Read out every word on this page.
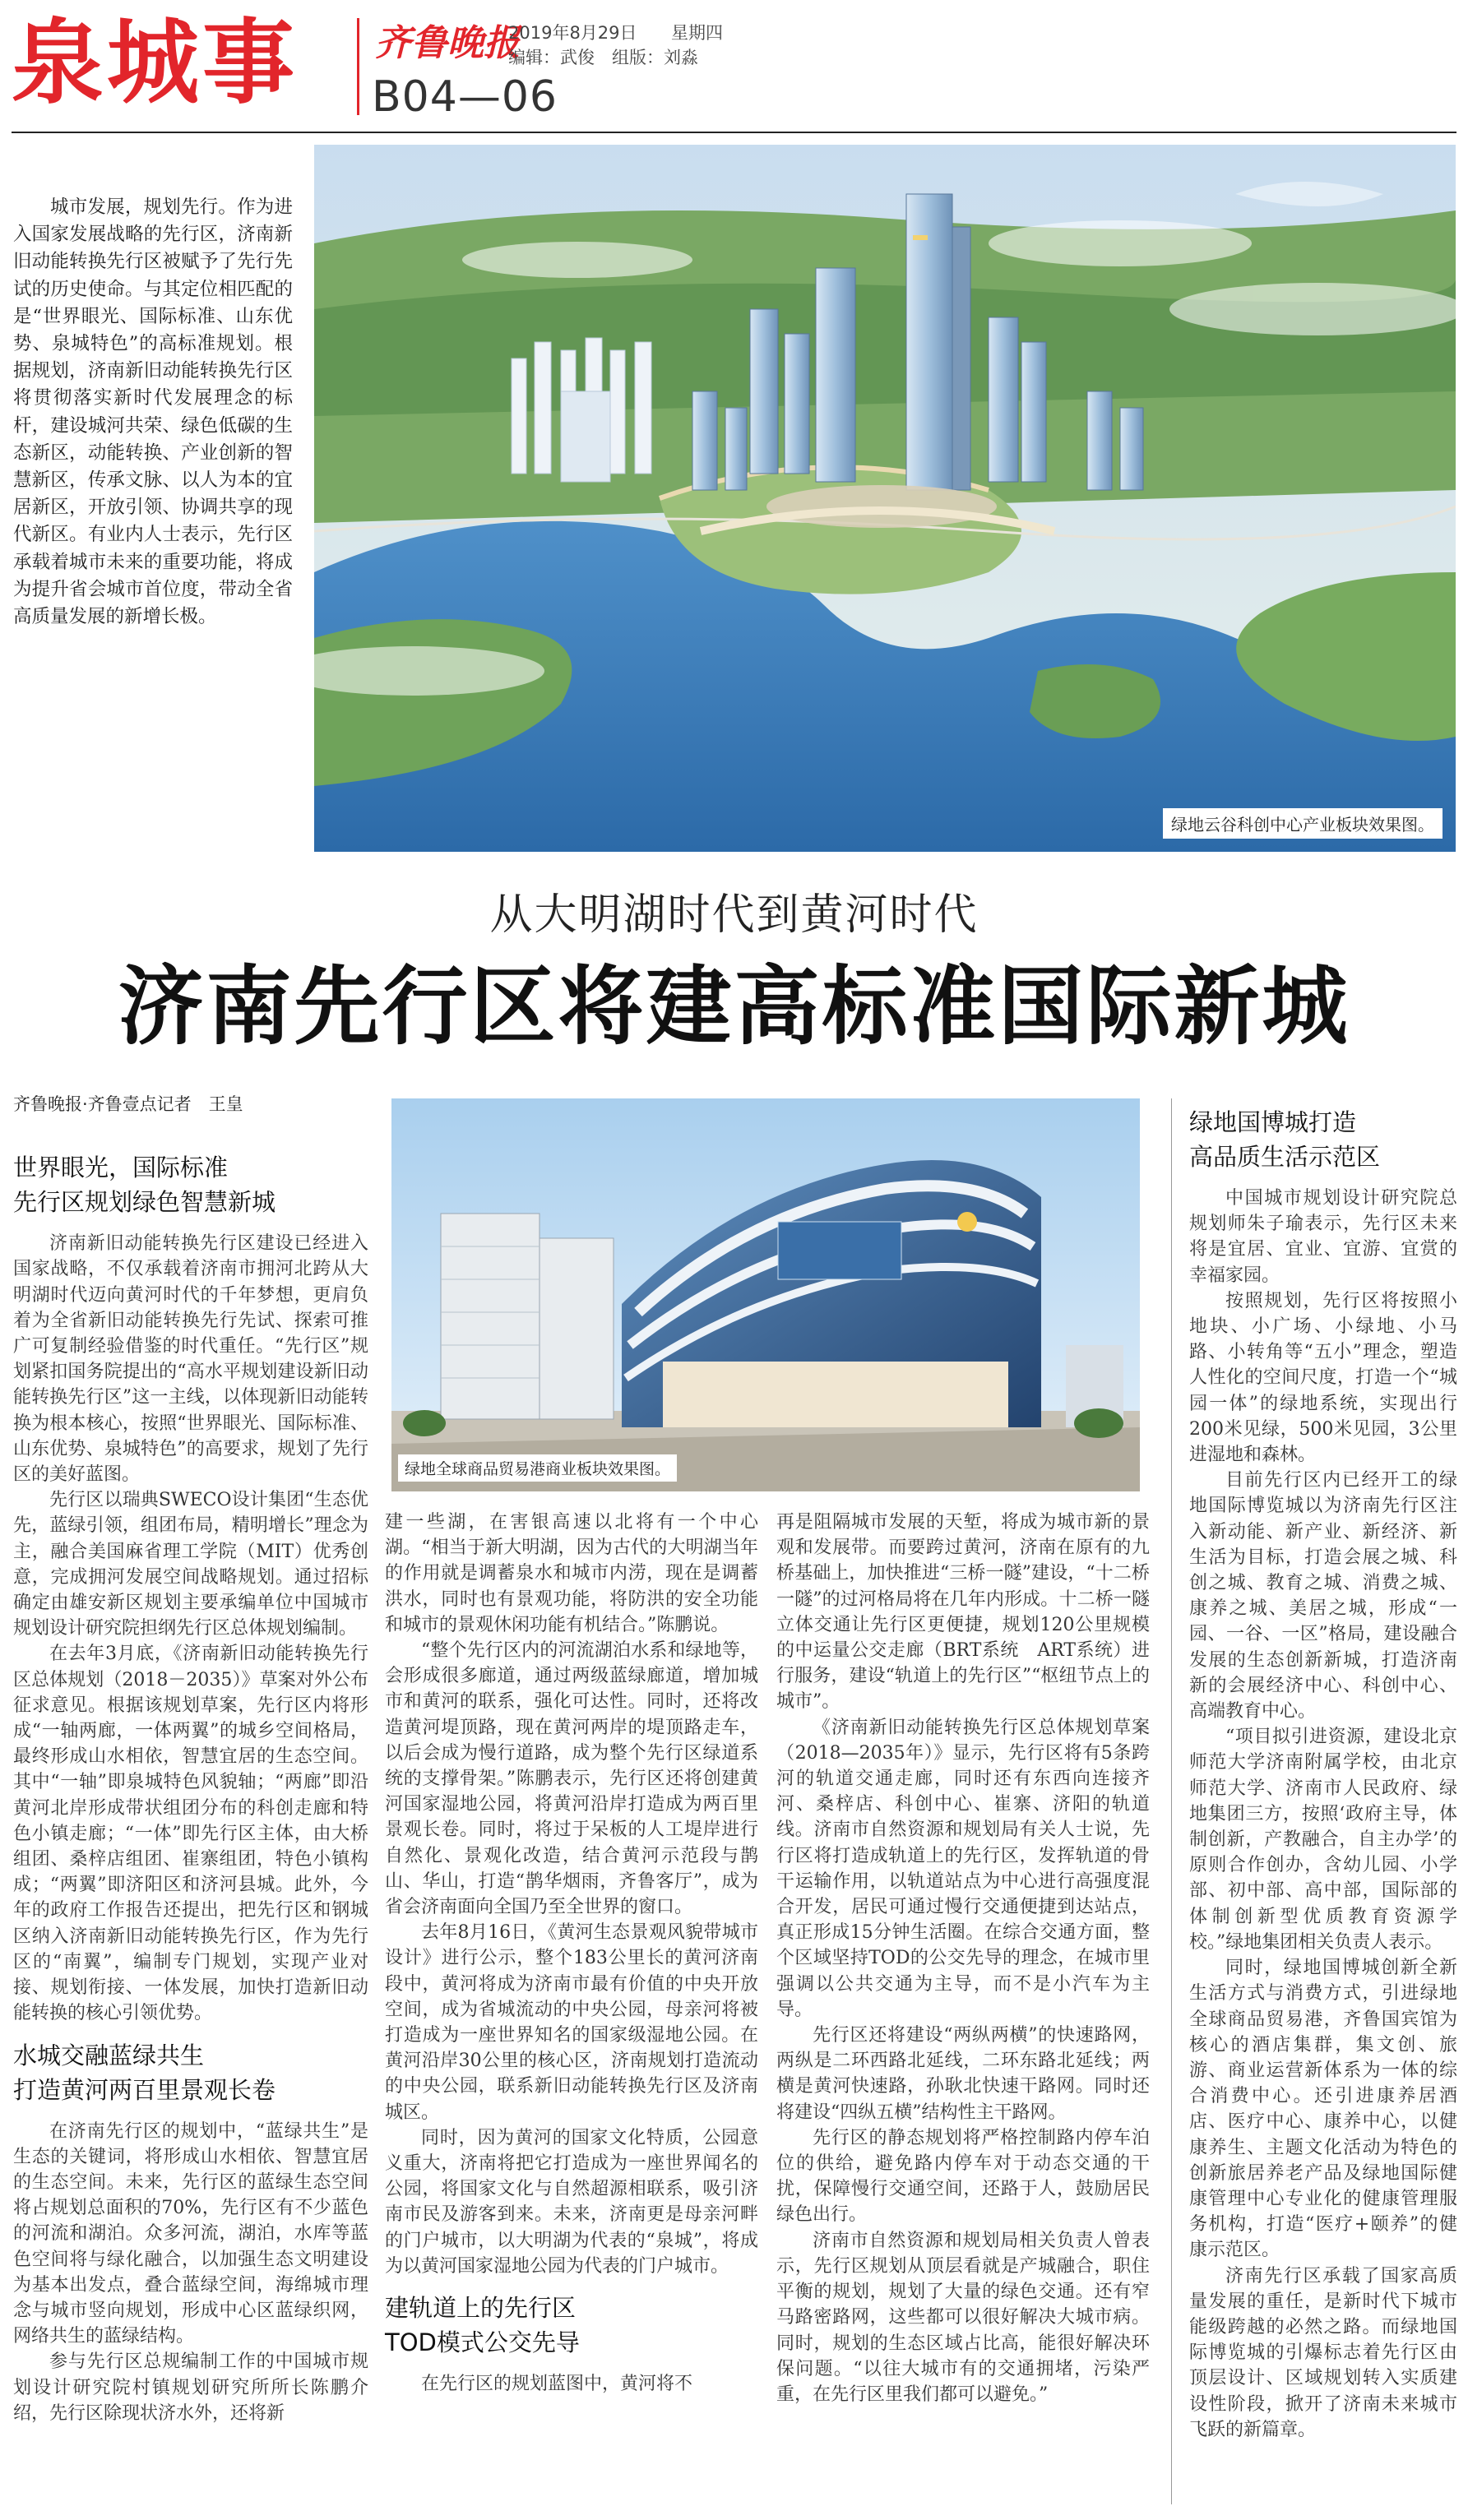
泉城事 齐鲁晚报
2019年8月29日 星期四
编辑：武俊　组版：刘淼
B04—06
城市发展，规划先行。作为进入国家发展战略的先行区，济南新旧动能转换先行区被赋予了先行先试的历史使命。与其定位相匹配的是“世界眼光、国际标准、山东优势、泉城特色”的高标准规划。根据规划，济南新旧动能转换先行区将贯彻落实新时代发展理念的标杆，建设城河共荣、绿色低碳的生态新区，动能转换、产业创新的智慧新区，传承文脉、以人为本的宜居新区，开放引领、协调共享的现代新区。有业内人士表示，先行区承载着城市未来的重要功能，将成为提升省会城市首位度，带动全省高质量发展的新增长极。
绿地云谷科创中心产业板块效果图。
从大明湖时代到黄河时代
济南先行区将建高标准国际新城
齐鲁晚报·齐鲁壹点记者　王皇
世界眼光，国际标准
先行区规划绿色智慧新城

济南新旧动能转换先行区建设已经进入国家战略，不仅承载着济南市拥河北跨从大明湖时代迈向黄河时代的千年梦想，更肩负着为全省新旧动能转换先行先试、探索可推广可复制经验借鉴的时代重任。“先行区”规划紧扣国务院提出的“高水平规划建设新旧动能转换先行区”这一主线，以体现新旧动能转换为根本核心，按照“世界眼光、国际标准、山东优势、泉城特色”的高要求，规划了先行区的美好蓝图。

先行区以瑞典SWECO设计集团“生态优先，蓝绿引领，组团布局，精明增长”理念为主，融合美国麻省理工学院（MIT）优秀创意，完成拥河发展空间战略规划。通过招标确定由雄安新区规划主要承编单位中国城市规划设计研究院担纲先行区总体规划编制。

在去年3月底，《济南新旧动能转换先行区总体规划（2018－2035）》草案对外公布征求意见。根据该规划草案，先行区内将形成“一轴两廊，一体两翼”的城乡空间格局，最终形成山水相依，智慧宜居的生态空间。其中“一轴”即泉城特色风貌轴；“两廊”即沿黄河北岸形成带状组团分布的科创走廊和特色小镇走廊；“一体”即先行区主体，由大桥组团、桑梓店组团、崔寨组团，特色小镇构成；“两翼”即济阳区和济河县城。此外，今年的政府工作报告还提出，把先行区和钢城区纳入济南新旧动能转换先行区，作为先行区的“南翼”，编制专门规划，实现产业对接、规划衔接、一体发展，加快打造新旧动能转换的核心引领优势。

水城交融蓝绿共生
打造黄河两百里景观长卷

在济南先行区的规划中，“蓝绿共生”是生态的关键词，将形成山水相依、智慧宜居的生态空间。未来，先行区的蓝绿生态空间将占规划总面积的70%，先行区有不少蓝色的河流和湖泊。众多河流，湖泊，水库等蓝色空间将与绿化融合，以加强生态文明建设为基本出发点，叠合蓝绿空间，海绵城市理念与城市竖向规划，形成中心区蓝绿织网，网络共生的蓝绿结构。

参与先行区总规编制工作的中国城市规划设计研究院村镇规划研究所所长陈鹏介绍，先行区除现状济水外，还将新

绿地全球商品贸易港商业板块效果图。

建一些湖，在害银高速以北将有一个中心湖。“相当于新大明湖，因为古代的大明湖当年的作用就是调蓄泉水和城市内涝，现在是调蓄洪水，同时也有景观功能，将防洪的安全功能和城市的景观休闲功能有机结合。”陈鹏说。

“整个先行区内的河流湖泊水系和绿地等，会形成很多廊道，通过两级蓝绿廊道，增加城市和黄河的联系，强化可达性。同时，还将改造黄河堤顶路，现在黄河两岸的堤顶路走车，以后会成为慢行道路，成为整个先行区绿道系统的支撑骨架。”陈鹏表示，先行区还将创建黄河国家湿地公园，将黄河沿岸打造成为两百里景观长卷。同时，将过于呆板的人工堤岸进行自然化、景观化改造，结合黄河示范段与鹊山、华山，打造“鹊华烟雨，齐鲁客厅”，成为省会济南面向全国乃至全世界的窗口。

去年8月16日，《黄河生态景观风貌带城市设计》进行公示，整个183公里长的黄河济南段中，黄河将成为济南市最有价值的中央开放空间，成为省城流动的中央公园，母亲河将被打造成为一座世界知名的国家级湿地公园。在黄河沿岸30公里的核心区，济南规划打造流动的中央公园，联系新旧动能转换先行区及济南城区。

同时，因为黄河的国家文化特质，公园意义重大，济南将把它打造成为一座世界闻名的公园，将国家文化与自然超源相联系，吸引济南市民及游客到来。未来，济南更是母亲河畔的门户城市，以大明湖为代表的“泉城”，将成为以黄河国家湿地公园为代表的门户城市。

建轨道上的先行区
TOD模式公交先导

在先行区的规划蓝图中，黄河将不

再是阻隔城市发展的天堑，将成为城市新的景观和发展带。而要跨过黄河，济南在原有的九桥基础上，加快推进“三桥一隧”建设，“十二桥一隧”的过河格局将在几年内形成。十二桥一隧立体交通让先行区更便捷，规划120公里规模的中运量公交走廊（BRT系统　ART系统）进行服务，建设“轨道上的先行区”“枢纽节点上的城市”。

《济南新旧动能转换先行区总体规划草案（2018—2035年）》显示，先行区将有5条跨河的轨道交通走廊，同时还有东西向连接齐河、桑梓店、科创中心、崔寨、济阳的轨道线。济南市自然资源和规划局有关人士说，先行区将打造成轨道上的先行区，发挥轨道的骨干运输作用，以轨道站点为中心进行高强度混合开发，居民可通过慢行交通便捷到达站点，真正形成15分钟生活圈。在综合交通方面，整个区域坚持TOD的公交先导的理念，在城市里强调以公共交通为主导，而不是小汽车为主导。

先行区还将建设“两纵两横”的快速路网，两纵是二环西路北延线，二环东路北延线；两横是黄河快速路，孙耿北快速干路网。同时还将建设“四纵五横”结构性主干路网。

先行区的静态规划将严格控制路内停车泊位的供给，避免路内停车对于动态交通的干扰，保障慢行交通空间，还路于人，鼓励居民绿色出行。

济南市自然资源和规划局相关负责人曾表示，先行区规划从顶层看就是产城融合，职住平衡的规划，规划了大量的绿色交通。还有窄马路密路网，这些都可以很好解决大城市病。同时，规划的生态区域占比高，能很好解决环保问题。“以往大城市有的交通拥堵，污染严重，在先行区里我们都可以避免。”

绿地国博城打造
高品质生活示范区

中国城市规划设计研究院总规划师朱子瑜表示，先行区未来将是宜居、宜业、宜游、宜赏的幸福家园。

按照规划，先行区将按照小地块、小广场、小绿地、小马路、小转角等“五小”理念，塑造人性化的空间尺度，打造一个“城园一体”的绿地系统，实现出行200米见绿，500米见园，3公里进湿地和森林。

目前先行区内已经开工的绿地国际博览城以为济南先行区注入新动能、新产业、新经济、新生活为目标，打造会展之城、科创之城、教育之城、消费之城、康养之城、美居之城，形成“一园、一谷、一区”格局，建设融合发展的生态创新新城，打造济南新的会展经济中心、科创中心、高端教育中心。

“项目拟引进资源，建设北京师范大学济南附属学校，由北京师范大学、济南市人民政府、绿地集团三方，按照‘政府主导，体制创新，产教融合，自主办学’的原则合作创办，含幼儿园、小学部、初中部、高中部，国际部的体制创新型优质教育资源学校。”绿地集团相关负责人表示。

同时，绿地国博城创新全新生活方式与消费方式，引进绿地全球商品贸易港，齐鲁国宾馆为核心的酒店集群，集文创、旅游、商业运营新体系为一体的综合消费中心。还引进康养居酒店、医疗中心、康养中心，以健康养生、主题文化活动为特色的创新旅居养老产品及绿地国际健康管理中心专业化的健康管理服务机构，打造“医疗+颐养”的健康示范区。

济南先行区承载了国家高质量发展的重任，是新时代下城市能级跨越的必然之路。而绿地国际博览城的引爆标志着先行区由顶层设计、区域规划转入实质建设性阶段，掀开了济南未来城市飞跃的新篇章。
